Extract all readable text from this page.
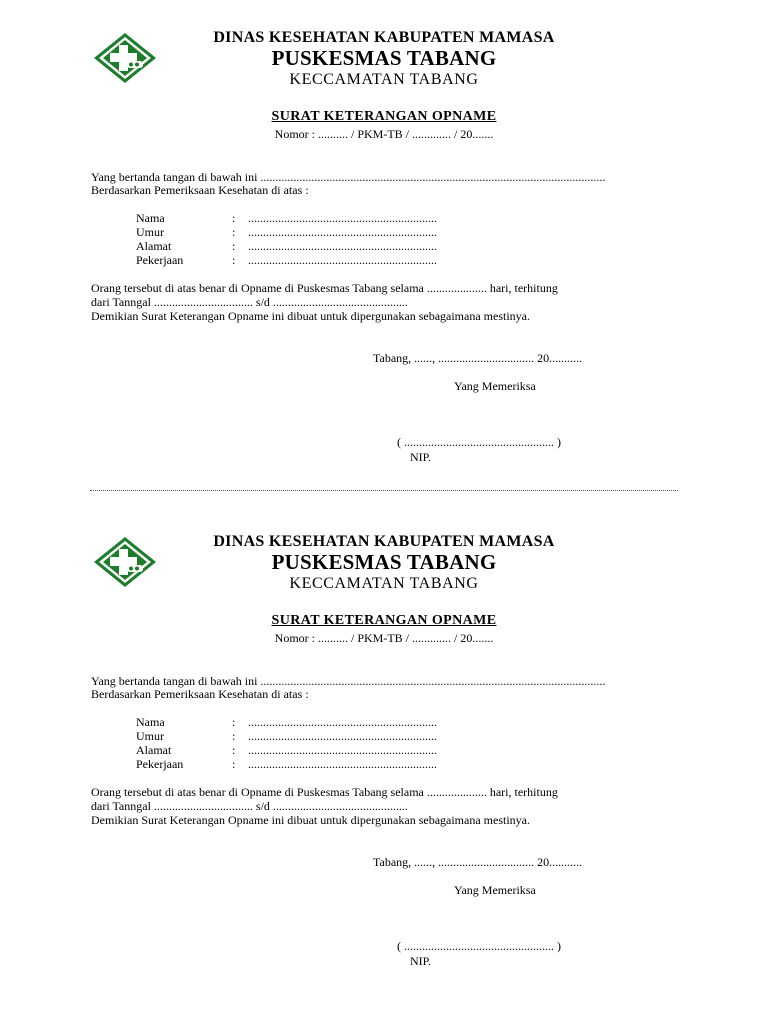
DINAS KESEHATAN KABUPATEN MAMASA
PUSKESMAS TABANG
KECCAMATAN TABANG
SURAT KETERANGAN OPNAME
Nomor : .......... / PKM-TB / ............. / 20.......
Yang bertanda tangan di bawah ini ...................................................................................................................
Berdasarkan Pemeriksaan Kesehatan di atas :
Nama	: ...............................................................
Umur	: ...............................................................
Alamat	: ...............................................................
Pekerjaan	: ...............................................................
Orang tersebut di atas benar di Opname di Puskesmas Tabang selama .................... hari, terhitung
dari Tanngal ................................. s/d .............................................
Demikian Surat Keterangan Opname ini dibuat untuk dipergunakan sebagaimana mestinya.
Tabang, ......, ................................ 20...........
Yang Memeriksa
( .................................................. )
NIP.
DINAS KESEHATAN KABUPATEN MAMASA
PUSKESMAS TABANG
KECCAMATAN TABANG
SURAT KETERANGAN OPNAME
Nomor : .......... / PKM-TB / ............. / 20.......
Yang bertanda tangan di bawah ini ...................................................................................................................
Berdasarkan Pemeriksaan Kesehatan di atas :
Nama	: ...............................................................
Umur	: ...............................................................
Alamat	: ...............................................................
Pekerjaan	: ...............................................................
Orang tersebut di atas benar di Opname di Puskesmas Tabang selama .................... hari, terhitung
dari Tanngal ................................. s/d .............................................
Demikian Surat Keterangan Opname ini dibuat untuk dipergunakan sebagaimana mestinya.
Tabang, ......, ................................ 20...........
Yang Memeriksa
( .................................................. )
NIP.
